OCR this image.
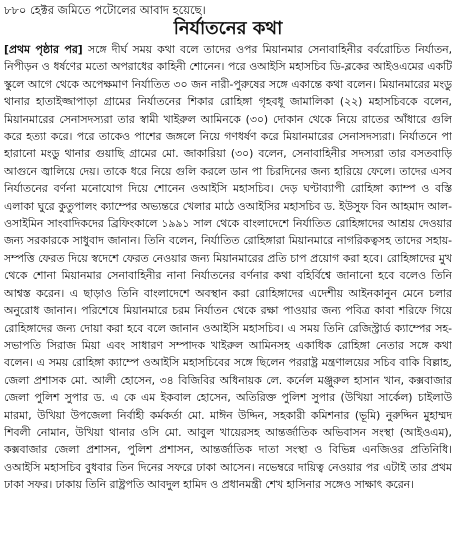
৮৮০ হেক্টর জমিতে পটোলের আবাদ হয়েছে।
নির্যাতনের কথা
[প্রথম পৃষ্ঠার পর] সঙ্গে দীর্ঘ সময় কথা বলে তাদের ওপর মিয়ানমার সেনাবাহিনীর বর্বরোচিত নির্যাতন, নিপীড়ন ও ধর্ষণের মতো অপরাধের কাহিনী শোনেন। পরে ওআইসি মহাসচিব ডি-ব্লকের আইওএমের একটি স্কুলে আগে থেকে অপেক্ষমাণ নির্যাতিত ৩০ জন নারী-পুরুষের সঙ্গে একান্তে কথা বলেন। মিয়ানমারের মংডু থানার হাতাইজ্জাপাড়া গ্রামের নির্যাতনের শিকার রোহিঙ্গা গৃহবধূ জামালিকা (২২) মহাসচিবকে বলেন, মিয়ানমারের সেনাসদস্যরা তার স্বামী খাইরুল আমিনকে (৩০) দোকান থেকে নিয়ে রাতের আঁধারে গুলি করে হত্যা করে। পরে তাকেও পাশের জঙ্গলে নিয়ে গণধর্ষণ করে মিয়ানমারের সেনাসদস্যরা। নির্যাতনে পা হারানো মংডু থানার গুয়াছি গ্রামের মো. জাকারিয়া (৩০) বলেন, সেনাবাহিনীর সদস্যরা তার বসতবাড়ি আগুনে জ্বালিয়ে দেয়। তাকে ধরে নিয়ে গুলি করলে ডান পা চিরদিনের জন্য হারিয়ে ফেলে। তাদের এসব নির্যাতনের বর্ণনা মনোযোগ দিয়ে শোনেন ওআইসি মহাসচিব। দেড় ঘণ্টাব্যাপী রোহিঙ্গা ক্যাম্প ও বস্তি এলাকা ঘুরে কুতুপালং ক্যাম্পের অভ্যন্তরে খেলার মাঠে ওআইসির মহাসচিব ড. ইউসুফ বিন আহমাদ আল-ওসাইমিন সাংবাদিকদের ব্রিফিংকালে ১৯৯১ সাল থেকে বাংলাদেশে নির্যাতিত রোহিঙ্গাদের আশ্রয় দেওয়ার জন্য সরকারকে সাধুবাদ জানান। তিনি বলেন, নির্যাতিত রোহিঙ্গারা মিয়ানমারে নাগরিকত্বসহ তাদের সহায়-সম্পত্তি ফেরত দিয়ে স্বদেশে ফেরত নেওয়ার জন্য মিয়ানমারের প্রতি চাপ প্রয়োগ করা হবে। রোহিঙ্গাদের মুখ থেকে শোনা মিয়ানমার সেনাবাহিনীর নানা নির্যাতনের বর্ণনার কথা বহির্বিশ্বে জানানো হবে বলেও তিনি আশ্বস্ত করেন। এ ছাড়াও তিনি বাংলাদেশে অবস্থান করা রোহিঙ্গাদের এদেশীয় আইনকানুন মেনে চলার অনুরোধ জানান। পরিশেষে মিয়ানমারে চরম নির্যাতন থেকে রক্ষা পাওয়ার জন্য পবিত্র কাবা শরিফে গিয়ে রোহিঙ্গাদের জন্য দোয়া করা হবে বলে জানান ওআইসি মহাসচিব। এ সময় তিনি রেজিস্ট্রার্ড ক্যাম্পের সহ-সভাপতি সিরাজ মিয়া এবং সাধারণ সম্পাদক খাইরুল আমিনসহ একাধিক রোহিঙ্গা নেতার সঙ্গে কথা বলেন। এ সময় রোহিঙ্গা ক্যাম্পে ওআইসি মহাসচিবের সঙ্গে ছিলেন পররাষ্ট্র মন্ত্রণালয়ের সচিব বাকি বিল্লাহ, জেলা প্রশাসক মো. আলী হোসেন, ৩৪ বিজিবির অধিনায়ক লে. কর্নেল মঞ্জুরুল হাসান খান, কক্সবাজার জেলা পুলিশ সুপার ড. এ কে এম ইকবাল হোসেন, অতিরিক্ত পুলিশ সুপার (উখিয়া সার্কেল) চাইলাউ মারমা, উখিয়া উপজেলা নির্বাহী কর্মকর্তা মো. মাঈন উদ্দিন, সহকারী কমিশনার (ভূমি) নুরুদ্দিন মুহাম্মদ শিবলী নোমান, উখিয়া থানার ওসি মো. আবুল খায়েরসহ আন্তর্জাতিক অভিবাসন সংস্থা (আইওএম), কক্সবাজার জেলা প্রশাসন, পুলিশ প্রশাসন, আন্তর্জাতিক দাতা সংস্থা ও বিভিন্ন এনজিওর প্রতিনিধি। ওআইসি মহাসচিব বুধবার তিন দিনের সফরে ঢাকা আসেন। নভেম্বরে দায়িত্ব নেওয়ার পর এটাই তার প্রথম ঢাকা সফর। ঢাকায় তিনি রাষ্ট্রপতি আবদুল হামিদ ও প্রধানমন্ত্রী শেখ হাসিনার সঙ্গেও সাক্ষাৎ করেন।
